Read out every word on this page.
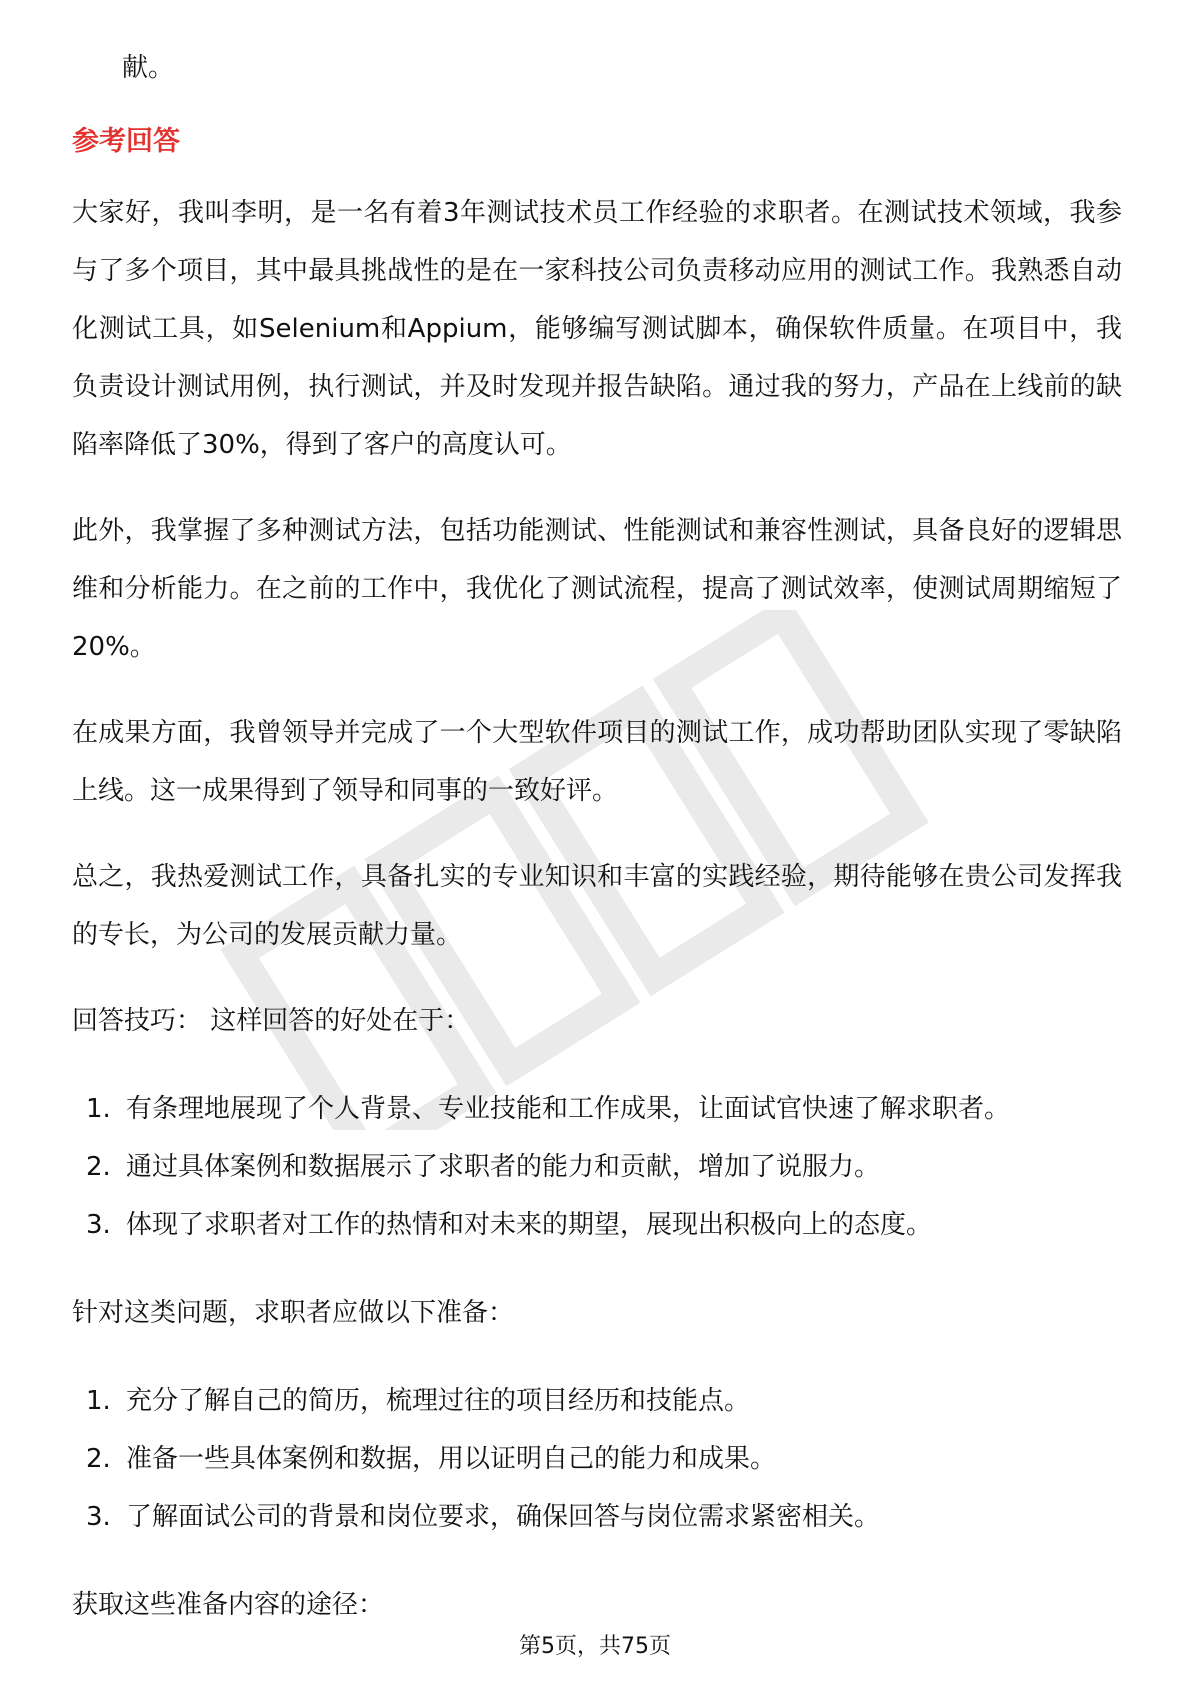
献。
参考回答
大家好，我叫李明，是一名有着3年测试技术员工作经验的求职者。在测试技术领域，我参与了多个项目，其中最具挑战性的是在一家科技公司负责移动应用的测试工作。我熟悉自动化测试工具，如Selenium和Appium，能够编写测试脚本，确保软件质量。在项目中，我负责设计测试用例，执行测试，并及时发现并报告缺陷。通过我的努力，产品在上线前的缺陷率降低了30%，得到了客户的高度认可。
此外，我掌握了多种测试方法，包括功能测试、性能测试和兼容性测试，具备良好的逻辑思维和分析能力。在之前的工作中，我优化了测试流程，提高了测试效率，使测试周期缩短了20%。
在成果方面，我曾领导并完成了一个大型软件项目的测试工作，成功帮助团队实现了零缺陷上线。这一成果得到了领导和同事的一致好评。
总之，我热爱测试工作，具备扎实的专业知识和丰富的实践经验，期待能够在贵公司发挥我的专长，为公司的发展贡献力量。
回答技巧： 这样回答的好处在于：
1. 有条理地展现了个人背景、专业技能和工作成果，让面试官快速了解求职者。
2. 通过具体案例和数据展示了求职者的能力和贡献，增加了说服力。
3. 体现了求职者对工作的热情和对未来的期望，展现出积极向上的态度。
针对这类问题，求职者应做以下准备：
1. 充分了解自己的简历，梳理过往的项目经历和技能点。
2. 准备一些具体案例和数据，用以证明自己的能力和成果。
3. 了解面试公司的背景和岗位要求，确保回答与岗位需求紧密相关。
获取这些准备内容的途径：
第5页，共75页
